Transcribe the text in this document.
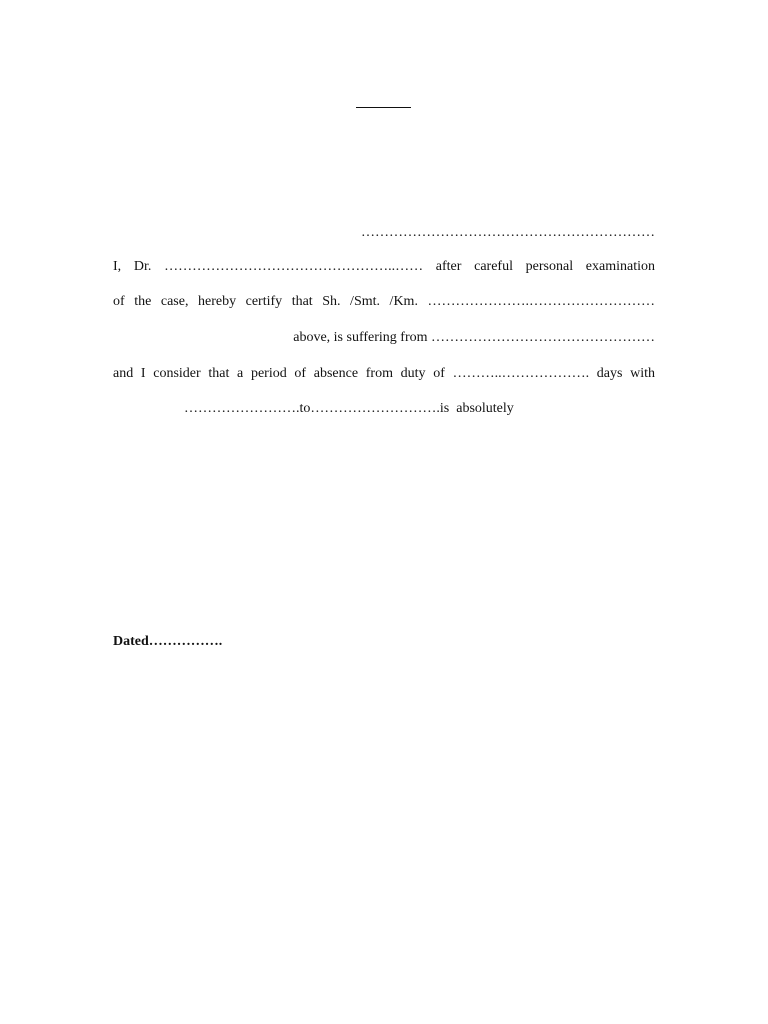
………………………………………………………
I, Dr. …………………………………………..…… after careful personal examination
of the case, hereby certify that Sh. /Smt. /Km. ………………….………………………
above, is suffering from …………………………………………
and I consider that a period of absence from duty of ………..………………. days with
…………………….to……………………….is  absolutely
Dated…………….
